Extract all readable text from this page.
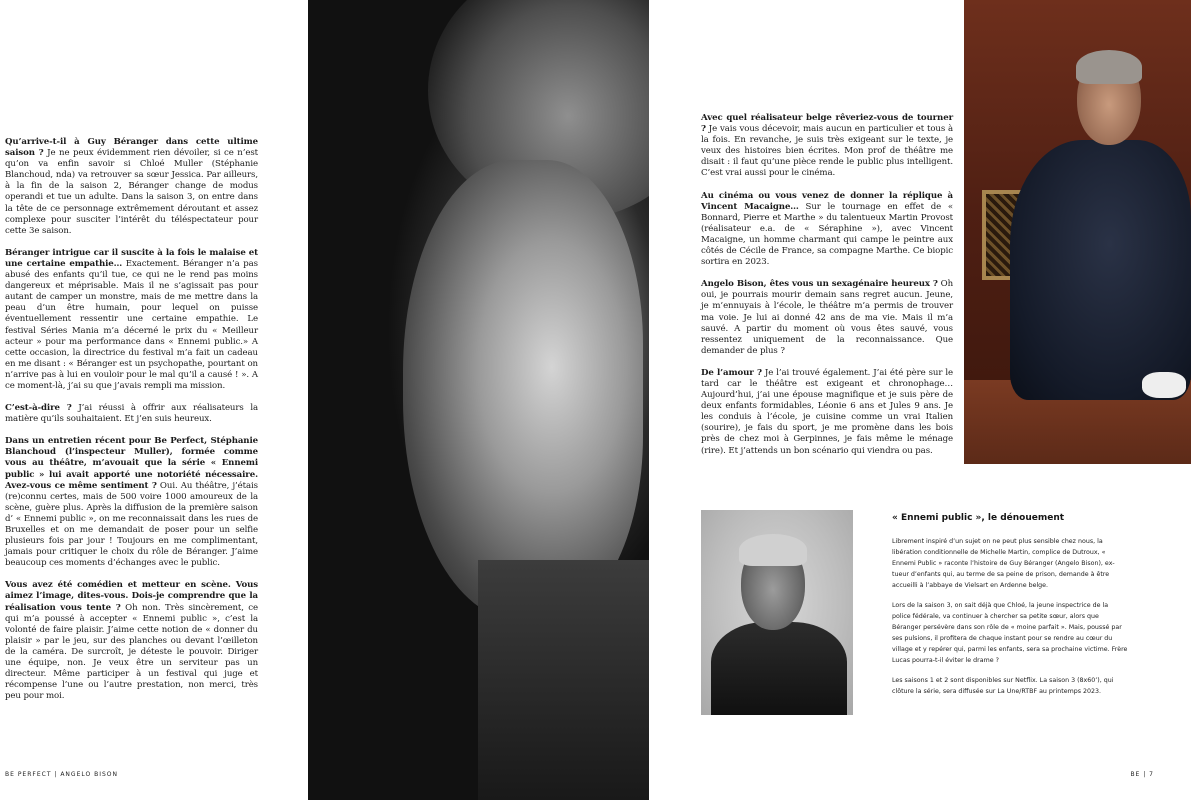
Qu’arrive-t-il à Guy Béranger dans cette ultime saison ? Je ne peux évidemment rien dévoiler, si ce n’est qu’on va enfin savoir si Chloé Muller (Stéphanie Blanchoud, nda) va retrouver sa sœur Jessica. Par ailleurs, à la fin de la saison 2, Béranger change de modus operandi et tue un adulte. Dans la saison 3, on entre dans la tête de ce personnage extrêmement déroutant et assez complexe pour susciter l’intérêt du téléspectateur pour cette 3e saison.

Béranger intrigue car il suscite à la fois le malaise et une certaine empathie… Exactement. Béranger n’a pas abusé des enfants qu’il tue, ce qui ne le rend pas moins dangereux et méprisable. Mais il ne s’agissait pas pour autant de camper un monstre, mais de me mettre dans la peau d’un être humain, pour lequel on puisse éventuellement ressentir une certaine empathie. Le festival Séries Mania m’a décerné le prix du « Meilleur acteur » pour ma performance dans « Ennemi public.» A cette occasion, la directrice du festival m’a fait un cadeau en me disant : « Béranger est un psychopathe, pourtant on n’arrive pas à lui en vouloir pour le mal qu’il a causé ! ». A ce moment-là, j’ai su que j’avais rempli ma mission.

C’est-à-dire ? J’ai réussi à offrir aux réalisateurs la matière qu’ils souhaitaient. Et j’en suis heureux.

Dans un entretien récent pour Be Perfect, Stéphanie Blanchoud (l’inspecteur Muller), formée comme vous au théâtre, m’avouait que la série « Ennemi public » lui avait apporté une notoriété nécessaire. Avez-vous ce même sentiment ? Oui. Au théâtre, j’étais (re)connu certes, mais de 500 voire 1000 amoureux de la scène, guère plus. Après la diffusion de la première saison d’ « Ennemi public », on me reconnaissait dans les rues de Bruxelles et on me demandait de poser pour un selfie plusieurs fois par jour ! Toujours en me complimentant, jamais pour critiquer le choix du rôle de Béranger. J’aime beaucoup ces moments d’échanges avec le public.

Vous avez été comédien et metteur en scène. Vous aimez l’image, dites-vous. Dois-je comprendre que la réalisation vous tente ? Oh non. Très sincèrement, ce qui m’a poussé à accepter « Ennemi public », c’est la volonté de faire plaisir. J’aime cette notion de « donner du plaisir » par le jeu, sur des planches ou devant l’œilleton de la caméra. De surcroît, je déteste le pouvoir. Diriger une équipe, non. Je veux être un serviteur pas un directeur. Même participer à un festival qui juge et récompense l’une ou l’autre prestation, non merci, très peu pour moi.

Avec quel réalisateur belge rêveriez-vous de tourner ? Je vais vous décevoir, mais aucun en particulier et tous à la fois. En revanche, je suis très exigeant sur le texte, je veux des histoires bien écrites. Mon prof de théâtre me disait : il faut qu’une pièce rende le public plus intelligent. C’est vrai aussi pour le cinéma.

Au cinéma ou vous venez de donner la réplique à Vincent Macaigne… Sur le tournage en effet de « Bonnard, Pierre et Marthe » du talentueux Martin Provost (réalisateur e.a. de « Séraphine »), avec Vincent Macaigne, un homme charmant qui campe le peintre aux côtés de Cécile de France, sa compagne Marthe. Ce biopic sortira en 2023.

Angelo Bison, êtes vous un sexagénaire heureux ? Oh oui, je pourrais mourir demain sans regret aucun. Jeune, je m’ennuyais à l’école, le théâtre m’a permis de trouver ma voie. Je lui ai donné 42 ans de ma vie. Mais il m’a sauvé. A partir du moment où vous êtes sauvé, vous ressentez uniquement de la reconnaissance. Que demander de plus ?

De l’amour ? Je l’ai trouvé également. J’ai été père sur le tard car le théâtre est exigeant et chronophage… Aujourd’hui, j’ai une épouse magnifique et je suis père de deux enfants formidables, Léonie 6 ans et Jules 9 ans. Je les conduis à l’école, je cuisine comme un vrai Italien (sourire), je fais du sport, je me promène dans les bois près de chez moi à Gerpinnes, je fais même le ménage (rire). Et j’attends un bon scénario qui viendra ou pas.

« Ennemi public », le dénouement

Librement inspiré d’un sujet on ne peut plus sensible chez nous, la libération conditionnelle de Michelle Martin, complice de Dutroux, « Ennemi Public » raconte l’histoire de Guy Béranger (Angelo Bison), ex- tueur d’enfants qui, au terme de sa peine de prison, demande à être accueilli à l’abbaye de Vielsart en Ardenne belge.

Lors de la saison 3, on sait déjà que Chloé, la jeune inspectrice de la police fédérale, va continuer à chercher sa petite sœur, alors que Béranger persévère dans son rôle de « moine parfait ». Mais, poussé par ses pulsions, il profitera de chaque instant pour se rendre au cœur du village et y repérer qui, parmi les enfants, sera sa prochaine victime. Frère Lucas pourra-t-il éviter le drame ?

Les saisons 1 et 2 sont disponibles sur Netflix. La saison 3 (8x60’), qui clôture la série, sera diffusée sur La Une/RTBF au printemps 2023.

BE PERFECT | ANGELO BISON	BE | 7
